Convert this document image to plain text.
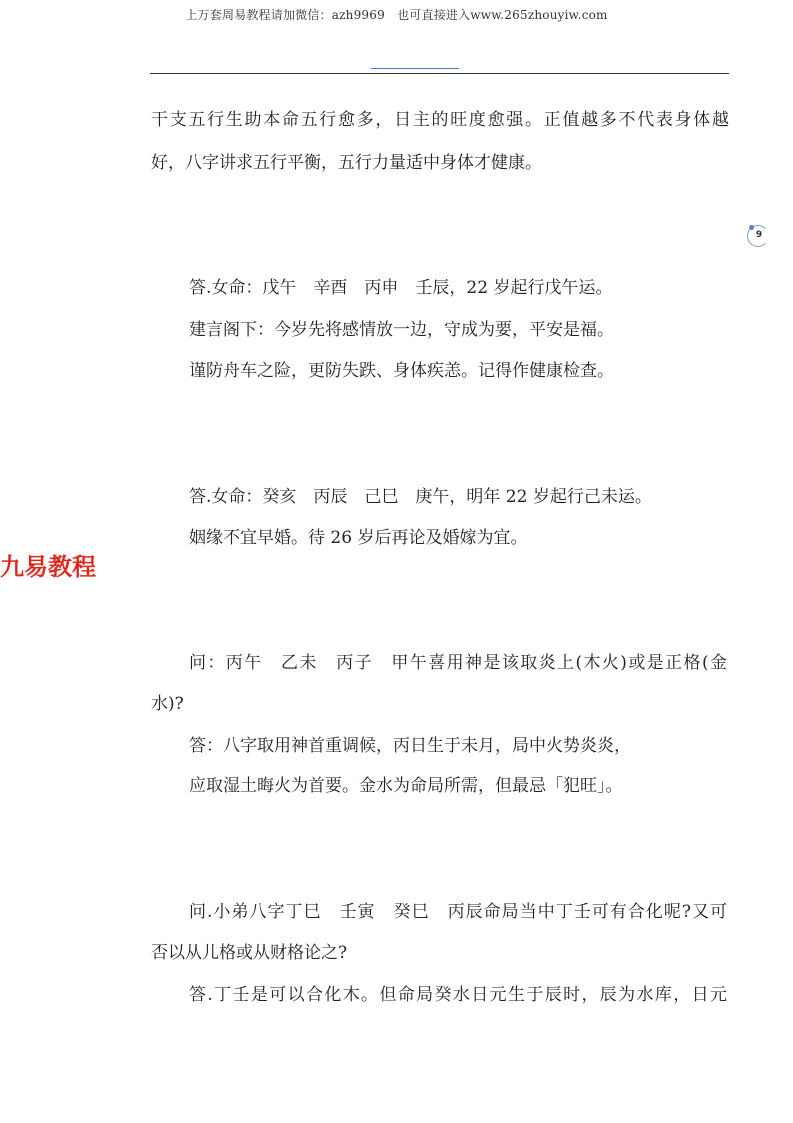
上万套周易教程请加微信：azh9969　也可直接进入www.265zhouyiw.com
9
九易教程
干支五行生助本命五行愈多，日主的旺度愈强。正值越多不代表身体越
好，八字讲求五行平衡，五行力量适中身体才健康。
答.女命：戊午　辛酉　丙申　壬辰，22 岁起行戊午运。
建言阁下：今岁先将感情放一边，守成为要，平安是福。
谨防舟车之险，更防失跌、身体疾恙。记得作健康检查。
答.女命：癸亥　丙辰　己巳　庚午，明年 22 岁起行己未运。
姻缘不宜早婚。待 26 岁后再论及婚嫁为宜。
问：丙午　乙未　丙子　甲午喜用神是该取炎上(木火)或是正格(金
水)?
答：八字取用神首重调候，丙日生于未月，局中火势炎炎，
应取湿土晦火为首要。金水为命局所需，但最忌「犯旺」。
问.小弟八字丁巳　壬寅　癸巳　丙辰命局当中丁壬可有合化呢?又可
否以从儿格或从财格论之?
答.丁壬是可以合化木。但命局癸水日元生于辰时，辰为水库，日元
